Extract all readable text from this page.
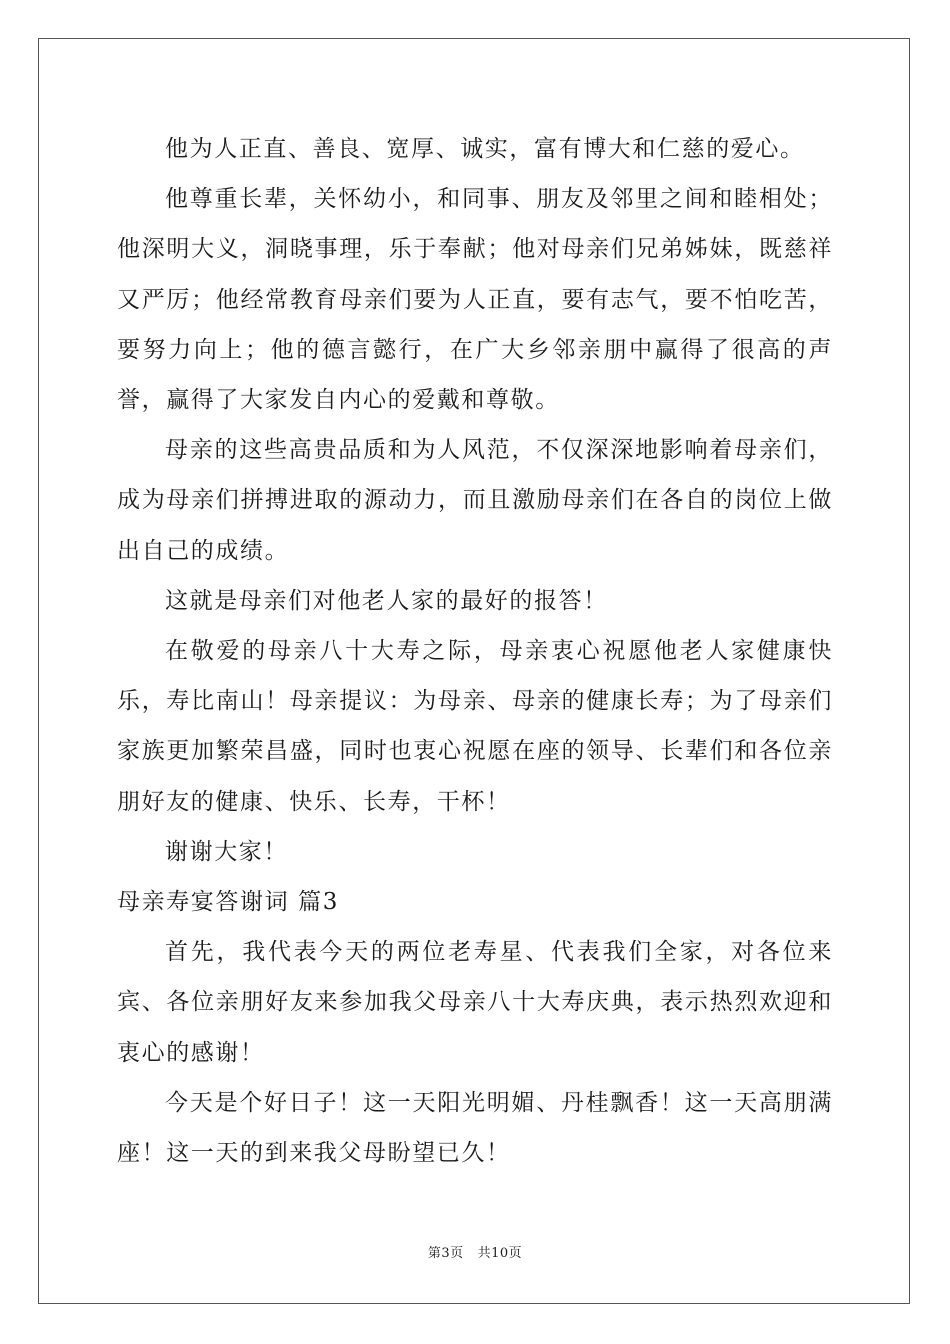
他为人正直、善良、宽厚、诚实，富有博大和仁慈的爱心。

他尊重长辈，关怀幼小，和同事、朋友及邻里之间和睦相处；他深明大义，洞晓事理，乐于奉献；他对母亲们兄弟姊妹，既慈祥又严厉；他经常教育母亲们要为人正直，要有志气，要不怕吃苦，要努力向上；他的德言懿行，在广大乡邻亲朋中赢得了很高的声誉，赢得了大家发自内心的爱戴和尊敬。

母亲的这些高贵品质和为人风范，不仅深深地影响着母亲们，成为母亲们拼搏进取的源动力，而且激励母亲们在各自的岗位上做出自己的成绩。

这就是母亲们对他老人家的最好的报答！

在敬爱的母亲八十大寿之际，母亲衷心祝愿他老人家健康快乐，寿比南山！母亲提议：为母亲、母亲的健康长寿；为了母亲们家族更加繁荣昌盛，同时也衷心祝愿在座的领导、长辈们和各位亲朋好友的健康、快乐、长寿，干杯！

谢谢大家！

母亲寿宴答谢词 篇3

首先，我代表今天的两位老寿星、代表我们全家，对各位来宾、各位亲朋好友来参加我父母亲八十大寿庆典，表示热烈欢迎和衷心的感谢！

今天是个好日子！这一天阳光明媚、丹桂飘香！这一天高朋满座！这一天的到来我父母盼望已久！

第3页 共10页
